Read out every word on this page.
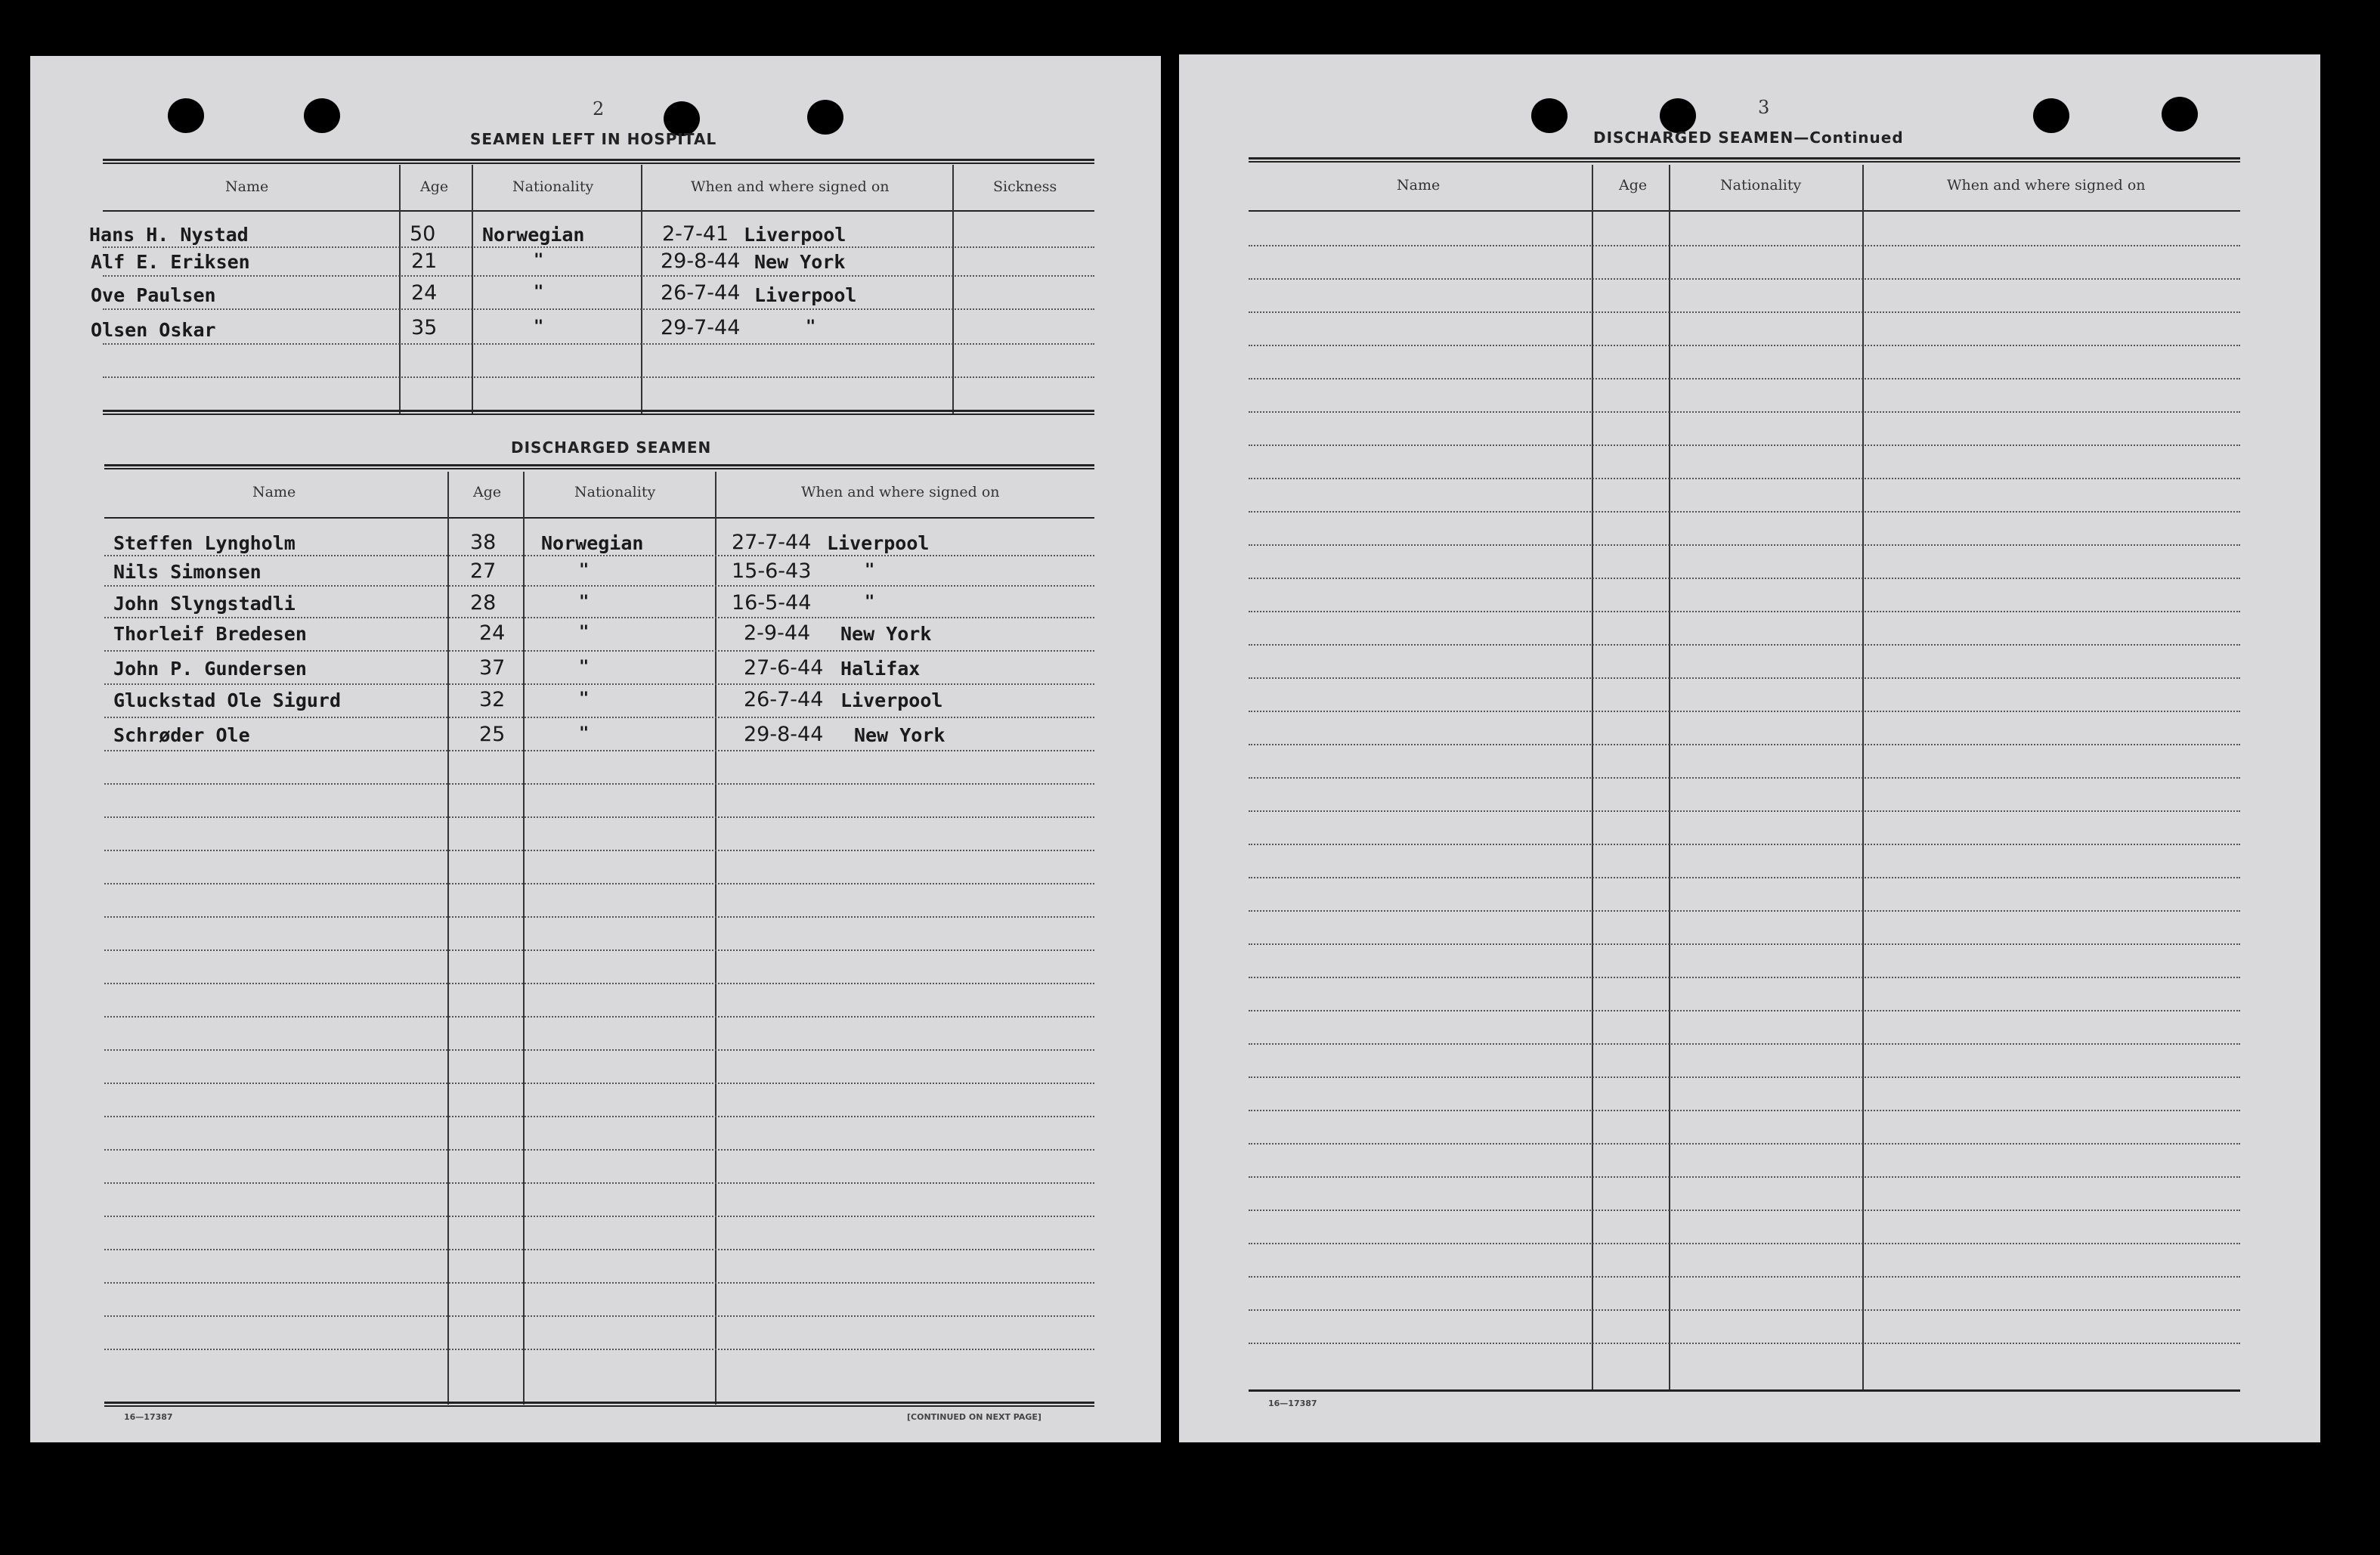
2
SEAMEN LEFT IN HOSPITAL
Name	Age	Nationality	When and where signed on	Sickness
Hans H. Nystad	50 Norwegian	2-7-41 Liverpool
Alf E. Eriksen	21	"	29-8-44 New York
Ove Paulsen	24	"	26-7-44 Liverpool
Olsen Oskar	35	"	29-7-44	"
DISCHARGED SEAMEN
Name	Age	Nationality	When and where signed on
Steffen Lyngholm	38 Norwegian	27-7-44 Liverpool
Nils Simonsen	27	"	15-6-43	"
John Slyngstadli	28	"	16-5-44	"
Thorleif Bredesen	24	"	2-9-44 New York
John P. Gundersen	37	"	27-6-44 Halifax
Gluckstad Ole Sigurd	32	"	26-7-44 Liverpool
Schrøder Ole	25	"	29-8-44 New York
16—17387	[CONTINUED ON NEXT PAGE]
3
DISCHARGED SEAMEN—Continued
Name	Age	Nationality	When and where signed on
16—17387
